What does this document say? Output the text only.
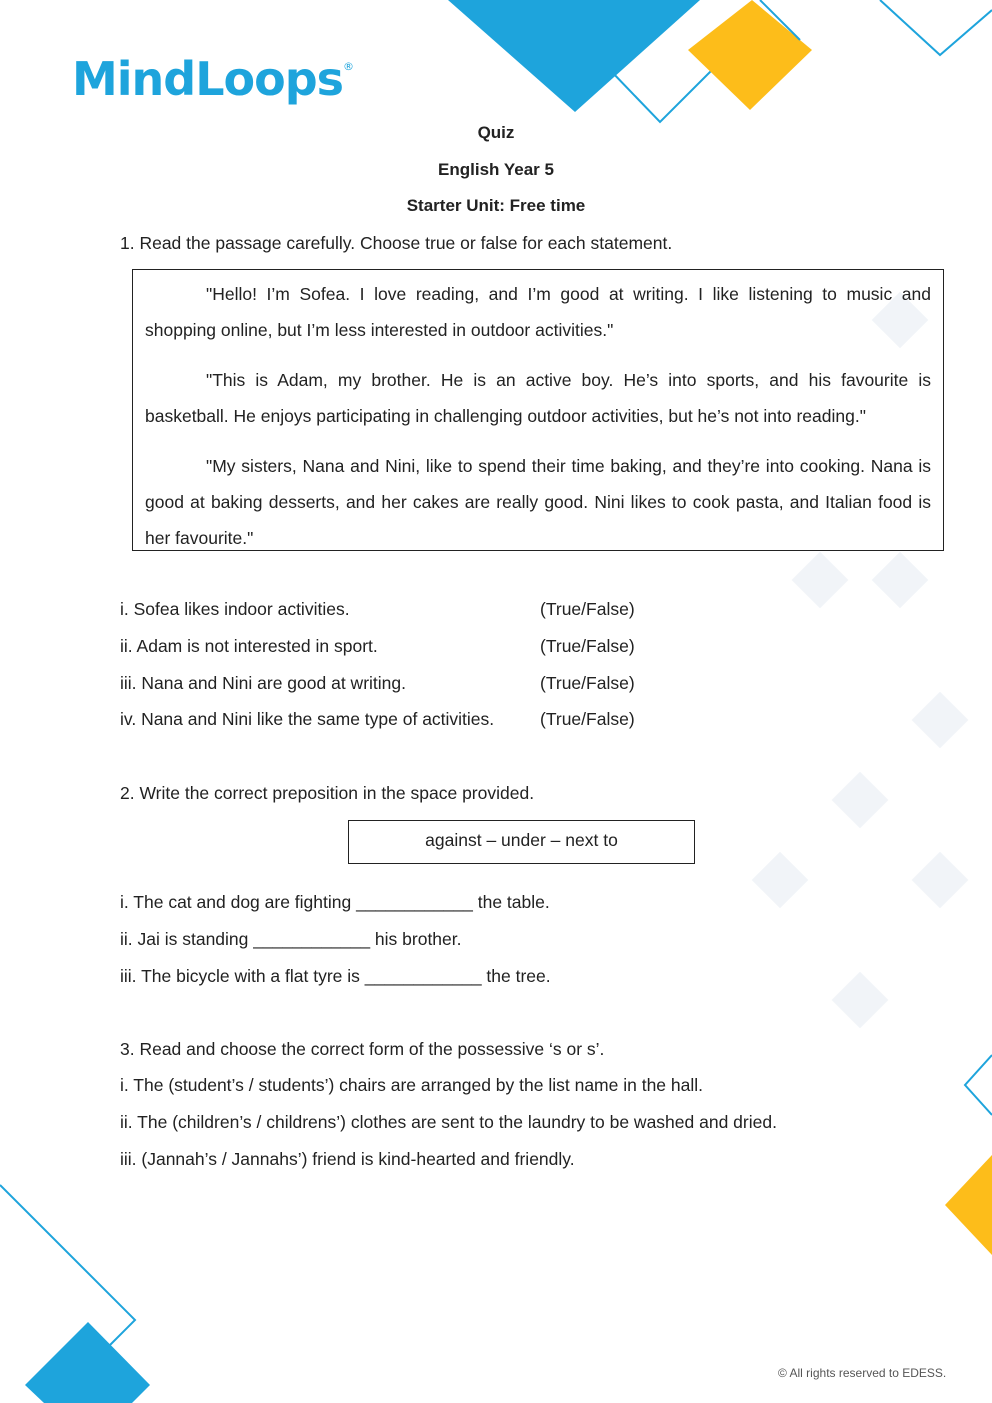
MindLoops®
Quiz
English Year 5
Starter Unit: Free time
1. Read the passage carefully. Choose true or false for each statement.

"Hello! I’m Sofea. I love reading, and I’m good at writing. I like listening to music and shopping online, but I’m less interested in outdoor activities."

"This is Adam, my brother. He is an active boy. He’s into sports, and his favourite is basketball. He enjoys participating in challenging outdoor activities, but he’s not into reading."

"My sisters, Nana and Nini, like to spend their time baking, and they’re into cooking. Nana is good at baking desserts, and her cakes are really good. Nini likes to cook pasta, and Italian food is her favourite."

i. Sofea likes indoor activities.	(True/False)
ii. Adam is not interested in sport.	(True/False)
iii. Nana and Nini are good at writing.	(True/False)
iv. Nana and Nini like the same type of activities.	(True/False)
2. Write the correct preposition in the space provided.
against – under – next to
i. The cat and dog are fighting ____________ the table.
ii. Jai is standing ____________ his brother.
iii. The bicycle with a flat tyre is ____________ the tree.
3. Read and choose the correct form of the possessive ‘s or s’.
i. The (student’s / students’) chairs are arranged by the list name in the hall.
ii. The (children’s / childrens’) clothes are sent to the laundry to be washed and dried.
iii. (Jannah’s / Jannahs’) friend is kind-hearted and friendly.
© All rights reserved to EDESS.
